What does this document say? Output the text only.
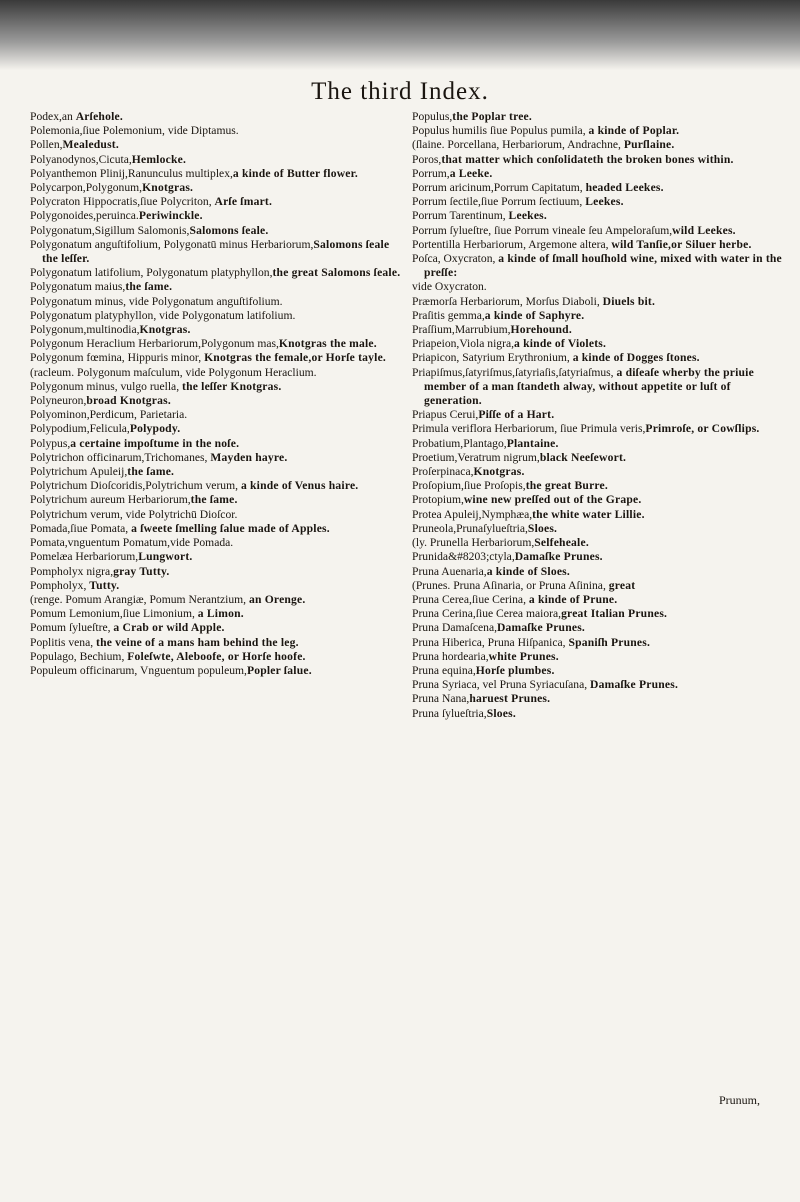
The third Index.

Podex,an Arſehole.

Polemonia,ſiue Polemonium, vide Diptamus.

Pollen,Mealedust.

Polyanodynos,Cicuta,Hemlocke.

Polyanthemon Plinij,Ranunculus multiplex,a kinde of Butter flower.

Polycarpon,Polygonum,Knotgras.

Polycraton Hippocratis,ſiue Polycriton, Arſe ſmart.

Polygonoides,peruinca.Periwinckle.

Polygonatum,Sigillum Salomonis,Salomons ſeale.

Polygonatum anguſtifolium, Polygonatū minus Herbariorum,Salomons ſeale the leſſer.

Polygonatum latifolium, Polygonatum platyphyllon,the great Salomons ſeale.

Polygonatum maius,the ſame.

Polygonatum minus, vide Polygonatum anguſtifolium.

Polygonatum platyphyllon, vide Polygonatum latifolium.

Polygonum,multinodia,Knotgras.

Polygonum Heraclium Herbariorum,Polygonum mas,Knotgras the male.

Polygonum fœmina, Hippuris minor, Knotgras the female,or Horſe tayle.

(racleum. Polygonum maſculum, vide Polygonum Heraclium.

Polygonum minus, vulgo ruella, the leſſer Knotgras.

Polyneuron,broad Knotgras.

Polyominon,Perdicum, Parietaria.

Polypodium,Felicula,Polypody.

Polypus,a certaine impoſtume in the noſe.

Polytrichon officinarum,Trichomanes, Mayden hayre.

Polytrichum Apuleij,the ſame.

Polytrichum Dioſcoridis,Polytrichum verum, a kinde of Venus haire.

Polytrichum aureum Herbariorum,the ſame.

Polytrichum verum, vide Polytrichū Dioſcor.

Pomada,ſiue Pomata, a ſweete ſmelling ſalue made of Apples.

Pomata,vnguentum Pomatum,vide Pomada.

Pomelæa Herbariorum,Lungwort.

Pompholyx nigra,gray Tutty.

Pompholyx, Tutty.

(renge. Pomum Arangiæ, Pomum Nerantzium, an Orenge.

Pomum Lemonium,ſiue Limonium, a Limon.

Pomum ſylueſtre, a Crab or wild Apple.

Poplitis vena, the veine of a mans ham behind the leg.

Populago, Bechium, Foleſwte, Aleboofe, or Horſe hoofe.

Populeum officinarum, Vnguentum populeum,Popler ſalue.

Populus,the Poplar tree.

Populus humilis ſiue Populus pumila, a kinde of Poplar.

(ſlaine. Porcellana, Herbariorum, Andrachne, Purſlaine.

Poros,that matter which conſolidateth the broken bones within.

Porrum,a Leeke.

Porrum aricinum,Porrum Capitatum, headed Leekes.

Porrum ſectile,ſiue Porrum ſectiuum, Leekes.

Porrum Tarentinum, Leekes.

Porrum ſylueſtre, ſiue Porrum vineale ſeu Ampeloraſum,wild Leekes.

Portentilla Herbariorum, Argemone altera, wild Tanſie,or Siluer herbe.

Poſca, Oxycraton, a kinde of ſmall houſhold wine, mixed with water in the preſſe:

vide Oxycraton.

Præmorſa Herbariorum, Morſus Diaboli, Diuels bit.

Praſitis gemma,a kinde of Saphyre.

Praſſium,Marrubium,Horehound.

Priapeion,Viola nigra,a kinde of Violets.

Priapicon, Satyrium Erythronium, a kinde of Dogges ſtones.

Priapiſmus,ſatyriſmus,ſatyriaſis,ſatyriaſmus, a diſeaſe wherby the priuie member of a man ſtandeth alway, without appetite or luſt of generation.

Priapus Cerui,Piſſe of a Hart.

Primula veriflora Herbariorum, ſiue Primula veris,Primroſe, or Cowſlips.

Probatium,Plantago,Plantaine.

Proetium,Veratrum nigrum,black Neeſewort.

Proſerpinaca,Knotgras.

Proſopium,ſiue Proſopis,the great Burre.

Protopium,wine new preſſed out of the Grape.

Protea Apuleij,Nymphæa,the white water Lillie.

Pruneola,Prunaſylueſtria,Sloes.

(ly. Prunella Herbariorum,Selfeheale.

Prunida&#8203;ctyla,Damaſke Prunes.

Pruna Auenaria,a kinde of Sloes.

(Prunes. Pruna Aſinaria, or Pruna Aſinina, great

Pruna Cerea,ſiue Cerina, a kinde of Prune.

Pruna Cerina,ſiue Cerea maiora,great Italian Prunes.

Pruna Damaſcena,Damaſke Prunes.

Pruna Hiberica, Pruna Hiſpanica, Spaniſh Prunes.

Pruna hordearia,white Prunes.

Pruna equina,Horſe plumbes.

Pruna Syriaca, vel Pruna Syriacuſana, Damaſke Prunes.

Pruna Nana,haruest Prunes.

Pruna ſylueſtria,Sloes.

Prunum,
